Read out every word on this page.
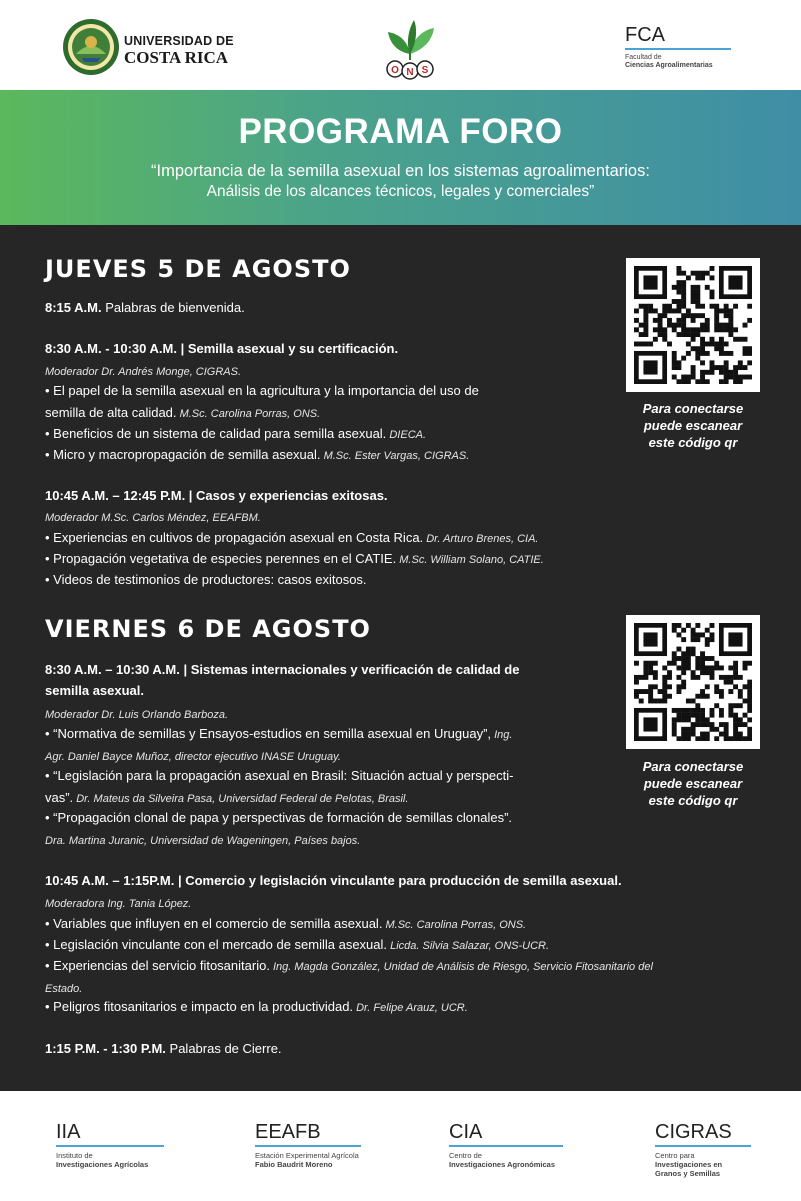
UNIVERSIDAD DE
COSTA RICA
O N S
FCA
Facultad de
Ciencias Agroalimentarias
PROGRAMA FORO
“Importancia de la semilla asexual en los sistemas agroalimentarios:
Análisis de los alcances técnicos, legales y comerciales”
JUEVES 5 DE AGOSTO
8:15 A.M. Palabras de bienvenida.
8:30 A.M. - 10:30 A.M. | Semilla asexual y su certificación.
Moderador Dr. Andrés Monge, CIGRAS.
• El papel de la semilla asexual en la agricultura y la importancia del uso de
semilla de alta calidad. M.Sc. Carolina Porras, ONS.
• Beneficios de un sistema de calidad para semilla asexual. DIECA.
• Micro y macropropagación de semilla asexual. M.Sc. Ester Vargas, CIGRAS.
10:45 A.M. – 12:45 P.M. | Casos y experiencias exitosas.
Moderador M.Sc. Carlos Méndez, EEAFBM.
• Experiencias en cultivos de propagación asexual en Costa Rica. Dr. Arturo Brenes, CIA.
• Propagación vegetativa de especies perennes en el CATIE. M.Sc. William Solano, CATIE.
• Videos de testimonios de productores: casos exitosos.
Para conectarse
puede escanear
este código qr
VIERNES 6 DE AGOSTO
8:30 A.M. – 10:30 A.M. | Sistemas internacionales y verificación de calidad de
semilla asexual.
Moderador Dr. Luis Orlando Barboza.
• “Normativa de semillas y Ensayos-estudios en semilla asexual en Uruguay”, Ing.
Agr. Daniel Bayce Muñoz, director ejecutivo INASE Uruguay.
• “Legislación para la propagación asexual en Brasil: Situación actual y perspecti-
vas”. Dr. Mateus da Silveira Pasa, Universidad Federal de Pelotas, Brasil.
• “Propagación clonal de papa y perspectivas de formación de semillas clonales”.
Dra. Martina Juranic, Universidad de Wageningen, Países bajos.
10:45 A.M. – 1:15P.M. | Comercio y legislación vinculante para producción de semilla asexual.
Moderadora Ing. Tania López.
• Variables que influyen en el comercio de semilla asexual. M.Sc. Carolina Porras, ONS.
• Legislación vinculante con el mercado de semilla asexual. Licda. Silvia Salazar, ONS-UCR.
• Experiencias del servicio fitosanitario. Ing. Magda González, Unidad de Análisis de Riesgo, Servicio Fitosanitario del
Estado.
• Peligros fitosanitarios e impacto en la productividad. Dr. Felipe Arauz, UCR.
1:15 P.M. - 1:30 P.M. Palabras de Cierre.
Para conectarse
puede escanear
este código qr
IIA
Instituto de
Investigaciones Agrícolas
EEAFB
Estación Experimental Agrícola
Fabio Baudrit Moreno
CIA
Centro de
Investigaciones Agronómicas
CIGRAS
Centro para
Investigaciones en
Granos y Semillas
